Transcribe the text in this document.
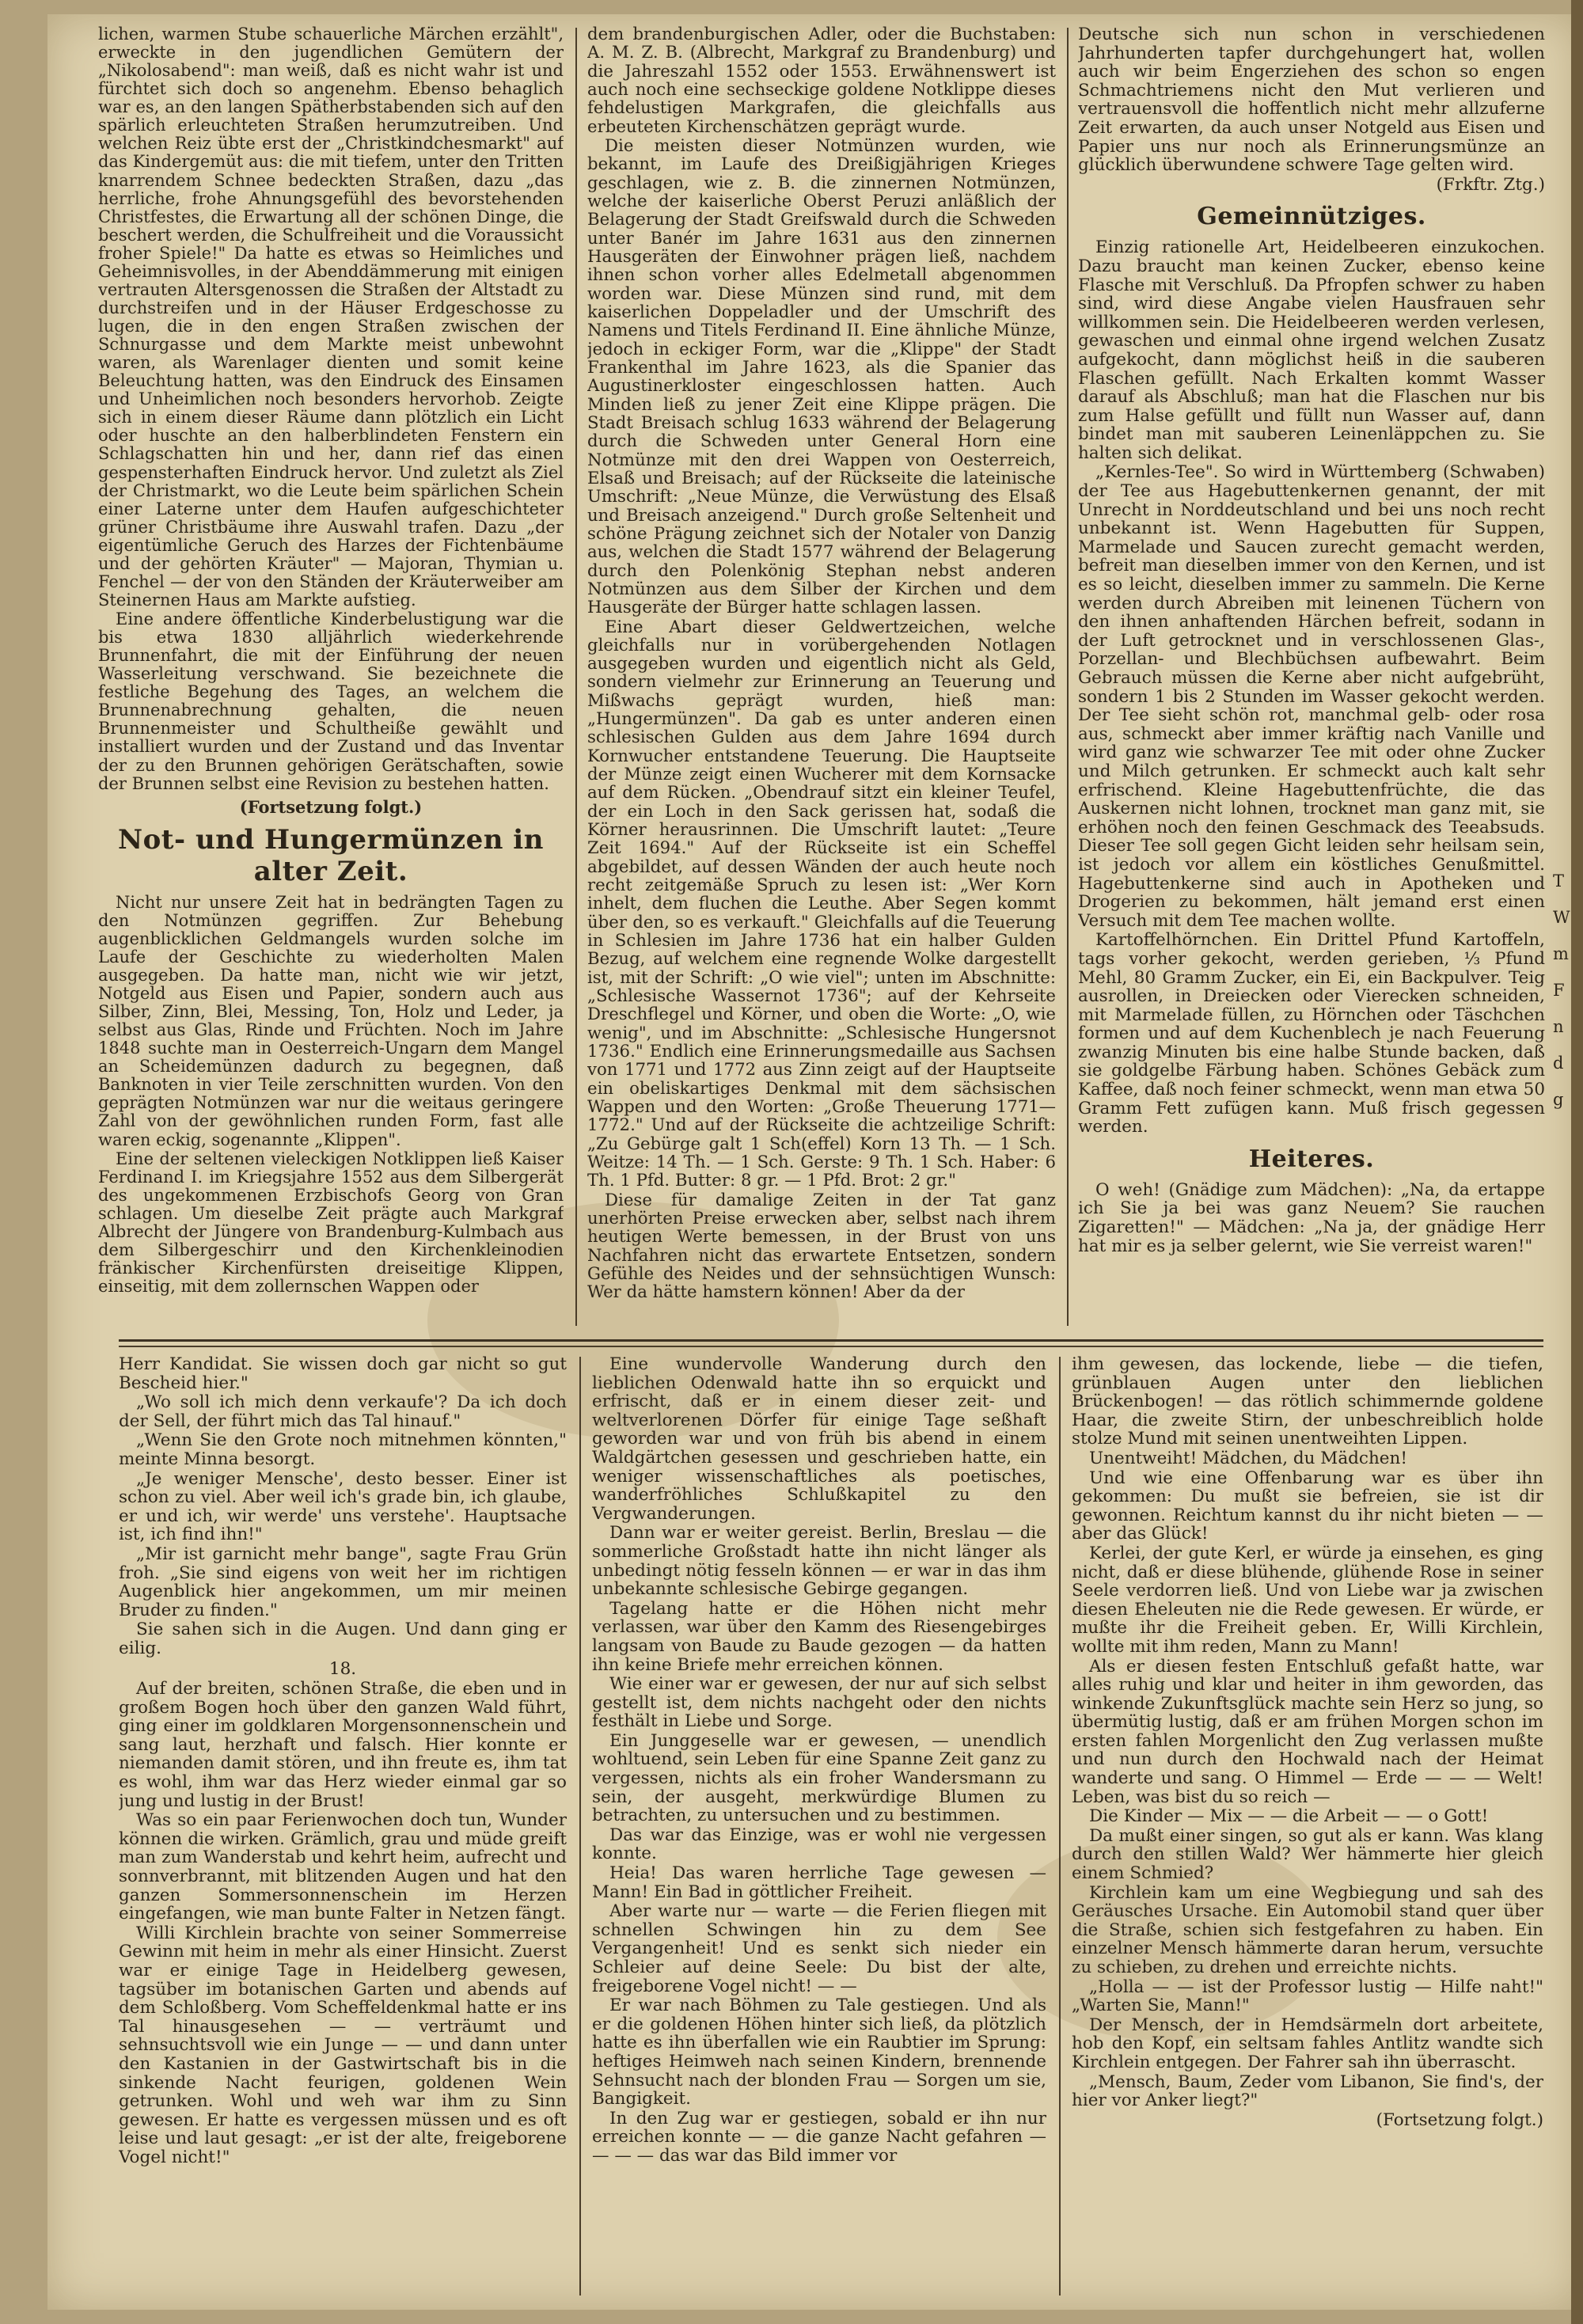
lichen, warmen Stube schauerliche Märchen erzählt", erweckte in den jugendlichen Gemütern der „Nikolosabend": man weiß, daß es nicht wahr ist und fürchtet sich doch so angenehm. Ebenso behaglich war es, an den langen Spätherbstabenden sich auf den spärlich erleuchteten Straßen herumzutreiben. Und welchen Reiz übte erst der „Christkindchesmarkt" auf das Kindergemüt aus: die mit tiefem, unter den Tritten knarrendem Schnee bedeckten Straßen, dazu „das herrliche, frohe Ahnungsgefühl des bevorstehenden Christfestes, die Erwartung all der schönen Dinge, die beschert werden, die Schulfreiheit und die Voraussicht froher Spiele!" Da hatte es etwas so Heimliches und Geheimnisvolles, in der Abenddämmerung mit einigen vertrauten Altersgenossen die Straßen der Altstadt zu durchstreifen und in der Häuser Erdgeschosse zu lugen, die in den engen Straßen zwischen der Schnurgasse und dem Markte meist unbewohnt waren, als Warenlager dienten und somit keine Beleuchtung hatten, was den Eindruck des Einsamen und Unheimlichen noch besonders hervorhob. Zeigte sich in einem dieser Räume dann plötzlich ein Licht oder huschte an den halberblindeten Fenstern ein Schlagschatten hin und her, dann rief das einen gespensterhaften Eindruck hervor. Und zuletzt als Ziel der Christmarkt, wo die Leute beim spärlichen Schein einer Laterne unter dem Haufen aufgeschichteter grüner Christbäume ihre Auswahl trafen. Dazu „der eigentümliche Geruch des Harzes der Fichtenbäume und der gehörten Kräuter" — Majoran, Thymian u. Fenchel — der von den Ständen der Kräuterweiber am Steinernen Haus am Markte aufstieg.

Eine andere öffentliche Kinderbelustigung war die bis etwa 1830 alljährlich wiederkehrende Brunnenfahrt, die mit der Einführung der neuen Wasserleitung verschwand. Sie bezeichnete die festliche Begehung des Tages, an welchem die Brunnenabrechnung gehalten, die neuen Brunnenmeister und Schultheiße gewählt und installiert wurden und der Zustand und das Inventar der zu den Brunnen gehörigen Gerätschaften, sowie der Brunnen selbst eine Revision zu bestehen hatten.

(Fortsetzung folgt.)
Not- und Hungermünzen in alter Zeit.

Nicht nur unsere Zeit hat in bedrängten Tagen zu den Notmünzen gegriffen. Zur Behebung augenblicklichen Geldmangels wurden solche im Laufe der Geschichte zu wiederholten Malen ausgegeben. Da hatte man, nicht wie wir jetzt, Notgeld aus Eisen und Papier, sondern auch aus Silber, Zinn, Blei, Messing, Ton, Holz und Leder, ja selbst aus Glas, Rinde und Früchten. Noch im Jahre 1848 suchte man in Oesterreich-Ungarn dem Mangel an Scheidemünzen dadurch zu begegnen, daß Banknoten in vier Teile zerschnitten wurden. Von den geprägten Notmünzen war nur die weitaus geringere Zahl von der gewöhnlichen runden Form, fast alle waren eckig, sogenannte „Klippen".

Eine der seltenen vieleckigen Notklippen ließ Kaiser Ferdinand I. im Kriegsjahre 1552 aus dem Silbergerät des ungekommenen Erzbischofs Georg von Gran schlagen. Um dieselbe Zeit prägte auch Markgraf Albrecht der Jüngere von Brandenburg-Kulmbach aus dem Silbergeschirr und den Kirchenkleinodien fränkischer Kirchenfürsten dreiseitige Klippen, einseitig, mit dem zollernschen Wappen oder

dem brandenburgischen Adler, oder die Buchstaben: A. M. Z. B. (Albrecht, Markgraf zu Brandenburg) und die Jahreszahl 1552 oder 1553. Erwähnenswert ist auch noch eine sechseckige goldene Notklippe dieses fehdelustigen Markgrafen, die gleichfalls aus erbeuteten Kirchenschätzen geprägt wurde.

Die meisten dieser Notmünzen wurden, wie bekannt, im Laufe des Dreißigjährigen Krieges geschlagen, wie z. B. die zinnernen Notmünzen, welche der kaiserliche Oberst Peruzi anläßlich der Belagerung der Stadt Greifswald durch die Schweden unter Banér im Jahre 1631 aus den zinnernen Hausgeräten der Einwohner prägen ließ, nachdem ihnen schon vorher alles Edelmetall abgenommen worden war. Diese Münzen sind rund, mit dem kaiserlichen Doppeladler und der Umschrift des Namens und Titels Ferdinand II. Eine ähnliche Münze, jedoch in eckiger Form, war die „Klippe" der Stadt Frankenthal im Jahre 1623, als die Spanier das Augustinerkloster eingeschlossen hatten. Auch Minden ließ zu jener Zeit eine Klippe prägen. Die Stadt Breisach schlug 1633 während der Belagerung durch die Schweden unter General Horn eine Notmünze mit den drei Wappen von Oesterreich, Elsaß und Breisach; auf der Rückseite die lateinische Umschrift: „Neue Münze, die Verwüstung des Elsaß und Breisach anzeigend." Durch große Seltenheit und schöne Prägung zeichnet sich der Notaler von Danzig aus, welchen die Stadt 1577 während der Belagerung durch den Polenkönig Stephan nebst anderen Notmünzen aus dem Silber der Kirchen und dem Hausgeräte der Bürger hatte schlagen lassen.

Eine Abart dieser Geldwertzeichen, welche gleichfalls nur in vorübergehenden Notlagen ausgegeben wurden und eigentlich nicht als Geld, sondern vielmehr zur Erinnerung an Teuerung und Mißwachs geprägt wurden, hieß man: „Hungermünzen". Da gab es unter anderen einen schlesischen Gulden aus dem Jahre 1694 durch Kornwucher entstandene Teuerung. Die Hauptseite der Münze zeigt einen Wucherer mit dem Kornsacke auf dem Rücken. „Obendrauf sitzt ein kleiner Teufel, der ein Loch in den Sack gerissen hat, sodaß die Körner herausrinnen. Die Umschrift lautet: „Teure Zeit 1694." Auf der Rückseite ist ein Scheffel abgebildet, auf dessen Wänden der auch heute noch recht zeitgemäße Spruch zu lesen ist: „Wer Korn inhelt, dem fluchen die Leuthe. Aber Segen kommt über den, so es verkauft." Gleichfalls auf die Teuerung in Schlesien im Jahre 1736 hat ein halber Gulden Bezug, auf welchem eine regnende Wolke dargestellt ist, mit der Schrift: „O wie viel"; unten im Abschnitte: „Schlesische Wassernot 1736"; auf der Kehrseite Dreschflegel und Körner, und oben die Worte: „O, wie wenig", und im Abschnitte: „Schlesische Hungersnot 1736." Endlich eine Erinnerungsmedaille aus Sachsen von 1771 und 1772 aus Zinn zeigt auf der Hauptseite ein obeliskartiges Denkmal mit dem sächsischen Wappen und den Worten: „Große Theuerung 1771—1772." Und auf der Rückseite die achtzeilige Schrift: „Zu Gebürge galt 1 Sch(effel) Korn 13 Th. — 1 Sch. Weitze: 14 Th. — 1 Sch. Gerste: 9 Th. 1 Sch. Haber: 6 Th. 1 Pfd. Butter: 8 gr. — 1 Pfd. Brot: 2 gr."

Diese für damalige Zeiten in der Tat ganz unerhörten Preise erwecken aber, selbst nach ihrem heutigen Werte bemessen, in der Brust von uns Nachfahren nicht das erwartete Entsetzen, sondern Gefühle des Neides und der sehnsüchtigen Wunsch: Wer da hätte hamstern können! Aber da der

Deutsche sich nun schon in verschiedenen Jahrhunderten tapfer durchgehungert hat, wollen auch wir beim Engerziehen des schon so engen Schmachtriemens nicht den Mut verlieren und vertrauensvoll die hoffentlich nicht mehr allzuferne Zeit erwarten, da auch unser Notgeld aus Eisen und Papier uns nur noch als Erinnerungsmünze an glücklich überwundene schwere Tage gelten wird.

(Frkftr. Ztg.)
Gemeinnütziges.

Einzig rationelle Art, Heidelbeeren einzukochen. Dazu braucht man keinen Zucker, ebenso keine Flasche mit Verschluß. Da Pfropfen schwer zu haben sind, wird diese Angabe vielen Hausfrauen sehr willkommen sein. Die Heidelbeeren werden verlesen, gewaschen und einmal ohne irgend welchen Zusatz aufgekocht, dann möglichst heiß in die sauberen Flaschen gefüllt. Nach Erkalten kommt Wasser darauf als Abschluß; man hat die Flaschen nur bis zum Halse gefüllt und füllt nun Wasser auf, dann bindet man mit sauberen Leinenläppchen zu. Sie halten sich delikat.

„Kernles-Tee". So wird in Württemberg (Schwaben) der Tee aus Hagebuttenkernen genannt, der mit Unrecht in Norddeutschland und bei uns noch recht unbekannt ist. Wenn Hagebutten für Suppen, Marmelade und Saucen zurecht gemacht werden, befreit man dieselben immer von den Kernen, und ist es so leicht, dieselben immer zu sammeln. Die Kerne werden durch Abreiben mit leinenen Tüchern von den ihnen anhaftenden Härchen befreit, sodann in der Luft getrocknet und in verschlossenen Glas-, Porzellan- und Blechbüchsen aufbewahrt. Beim Gebrauch müssen die Kerne aber nicht aufgebrüht, sondern 1 bis 2 Stunden im Wasser gekocht werden. Der Tee sieht schön rot, manchmal gelb- oder rosa aus, schmeckt aber immer kräftig nach Vanille und wird ganz wie schwarzer Tee mit oder ohne Zucker und Milch getrunken. Er schmeckt auch kalt sehr erfrischend. Kleine Hagebuttenfrüchte, die das Auskernen nicht lohnen, trocknet man ganz mit, sie erhöhen noch den feinen Geschmack des Teeabsuds. Dieser Tee soll gegen Gicht leiden sehr heilsam sein, ist jedoch vor allem ein köstliches Genußmittel. Hagebuttenkerne sind auch in Apotheken und Drogerien zu bekommen, hält jemand erst einen Versuch mit dem Tee machen wollte.

Kartoffelhörnchen. Ein Drittel Pfund Kartoffeln, tags vorher gekocht, werden gerieben, ⅓ Pfund Mehl, 80 Gramm Zucker, ein Ei, ein Backpulver. Teig ausrollen, in Dreiecken oder Vierecken schneiden, mit Marmelade füllen, zu Hörnchen oder Täschchen formen und auf dem Kuchenblech je nach Feuerung zwanzig Minuten bis eine halbe Stunde backen, daß sie goldgelbe Färbung haben. Schönes Gebäck zum Kaffee, daß noch feiner schmeckt, wenn man etwa 50 Gramm Fett zufügen kann. Muß frisch gegessen werden.

Heiteres.

O weh! (Gnädige zum Mädchen): „Na, da ertappe ich Sie ja bei was ganz Neuem? Sie rauchen Zigaretten!" — Mädchen: „Na ja, der gnädige Herr hat mir es ja selber gelernt, wie Sie verreist waren!"

Herr Kandidat. Sie wissen doch gar nicht so gut Bescheid hier."

„Wo soll ich mich denn verkaufe'? Da ich doch der Sell, der führt mich das Tal hinauf."

„Wenn Sie den Grote noch mitnehmen könnten," meinte Minna besorgt.

„Je weniger Mensche', desto besser. Einer ist schon zu viel. Aber weil ich's grade bin, ich glaube, er und ich, wir werde' uns verstehe'. Hauptsache ist, ich find ihn!"

„Mir ist garnicht mehr bange", sagte Frau Grün froh. „Sie sind eigens von weit her im richtigen Augenblick hier angekommen, um mir meinen Bruder zu finden."

Sie sahen sich in die Augen. Und dann ging er eilig.

18.

Auf der breiten, schönen Straße, die eben und in großem Bogen hoch über den ganzen Wald führt, ging einer im goldklaren Morgensonnenschein und sang laut, herzhaft und falsch. Hier konnte er niemanden damit stören, und ihn freute es, ihm tat es wohl, ihm war das Herz wieder einmal gar so jung und lustig in der Brust!

Was so ein paar Ferienwochen doch tun, Wunder können die wirken. Grämlich, grau und müde greift man zum Wanderstab und kehrt heim, aufrecht und sonnverbrannt, mit blitzenden Augen und hat den ganzen Sommersonnenschein im Herzen eingefangen, wie man bunte Falter in Netzen fängt.

Willi Kirchlein brachte von seiner Sommerreise Gewinn mit heim in mehr als einer Hinsicht. Zuerst war er einige Tage in Heidelberg gewesen, tagsüber im botanischen Garten und abends auf dem Schloßberg. Vom Scheffeldenkmal hatte er ins Tal hinausgesehen — — verträumt und sehnsuchtsvoll wie ein Junge — — und dann unter den Kastanien in der Gastwirtschaft bis in die sinkende Nacht feurigen, goldenen Wein getrunken. Wohl und weh war ihm zu Sinn gewesen. Er hatte es vergessen müssen und es oft leise und laut gesagt: „er ist der alte, freigeborene Vogel nicht!"

Eine wundervolle Wanderung durch den lieblichen Odenwald hatte ihn so erquickt und erfrischt, daß er in einem dieser zeit- und weltverlorenen Dörfer für einige Tage seßhaft geworden war und von früh bis abend in einem Waldgärtchen gesessen und geschrieben hatte, ein weniger wissenschaftliches als poetisches, wanderfröhliches Schlußkapitel zu den Vergwanderungen.

Dann war er weiter gereist. Berlin, Breslau — die sommerliche Großstadt hatte ihn nicht länger als unbedingt nötig fesseln können — er war in das ihm unbekannte schlesische Gebirge gegangen.

Tagelang hatte er die Höhen nicht mehr verlassen, war über den Kamm des Riesengebirges langsam von Baude zu Baude gezogen — da hatten ihn keine Briefe mehr erreichen können.

Wie einer war er gewesen, der nur auf sich selbst gestellt ist, dem nichts nachgeht oder den nichts festhält in Liebe und Sorge.

Ein Junggeselle war er gewesen, — unendlich wohltuend, sein Leben für eine Spanne Zeit ganz zu vergessen, nichts als ein froher Wandersmann zu sein, der ausgeht, merkwürdige Blumen zu betrachten, zu untersuchen und zu bestimmen.

Das war das Einzige, was er wohl nie vergessen konnte.

Heia! Das waren herrliche Tage gewesen — Mann! Ein Bad in göttlicher Freiheit.

Aber warte nur — warte — die Ferien fliegen mit schnellen Schwingen hin zu dem See Vergangenheit! Und es senkt sich nieder ein Schleier auf deine Seele: Du bist der alte, freigeborene Vogel nicht! — —

Er war nach Böhmen zu Tale gestiegen. Und als er die goldenen Höhen hinter sich ließ, da plötzlich hatte es ihn überfallen wie ein Raubtier im Sprung: heftiges Heimweh nach seinen Kindern, brennende Sehnsucht nach der blonden Frau — Sorgen um sie, Bangigkeit.

In den Zug war er gestiegen, sobald er ihn nur erreichen konnte — — die ganze Nacht gefahren — — — — das war das Bild immer vor

ihm gewesen, das lockende, liebe — die tiefen, grünblauen Augen unter den lieblichen Brückenbogen! — das rötlich schimmernde goldene Haar, die zweite Stirn, der unbeschreiblich holde stolze Mund mit seinen unentweihten Lippen.

Unentweiht! Mädchen, du Mädchen!

Und wie eine Offenbarung war es über ihn gekommen: Du mußt sie befreien, sie ist dir gewonnen. Reichtum kannst du ihr nicht bieten — — aber das Glück!

Kerlei, der gute Kerl, er würde ja einsehen, es ging nicht, daß er diese blühende, glühende Rose in seiner Seele verdorren ließ. Und von Liebe war ja zwischen diesen Eheleuten nie die Rede gewesen. Er würde, er mußte ihr die Freiheit geben. Er, Willi Kirchlein, wollte mit ihm reden, Mann zu Mann!

Als er diesen festen Entschluß gefaßt hatte, war alles ruhig und klar und heiter in ihm geworden, das winkende Zukunftsglück machte sein Herz so jung, so übermütig lustig, daß er am frühen Morgen schon im ersten fahlen Morgenlicht den Zug verlassen mußte und nun durch den Hochwald nach der Heimat wanderte und sang. O Himmel — Erde — — — Welt! Leben, was bist du so reich —

Die Kinder — Mix — — die Arbeit — — o Gott!

Da mußt einer singen, so gut als er kann. Was klang durch den stillen Wald? Wer hämmerte hier gleich einem Schmied?

Kirchlein kam um eine Wegbiegung und sah des Geräusches Ursache. Ein Automobil stand quer über die Straße, schien sich festgefahren zu haben. Ein einzelner Mensch hämmerte daran herum, versuchte zu schieben, zu drehen und erreichte nichts.

„Holla — — ist der Professor lustig — Hilfe naht!" „Warten Sie, Mann!"

Der Mensch, der in Hemdsärmeln dort arbeitete, hob den Kopf, ein seltsam fahles Antlitz wandte sich Kirchlein entgegen. Der Fahrer sah ihn überrascht.

„Mensch, Baum, Zeder vom Libanon, Sie find's, der hier vor Anker liegt?"

(Fortsetzung folgt.)
T
W
m
F
n
d
g
